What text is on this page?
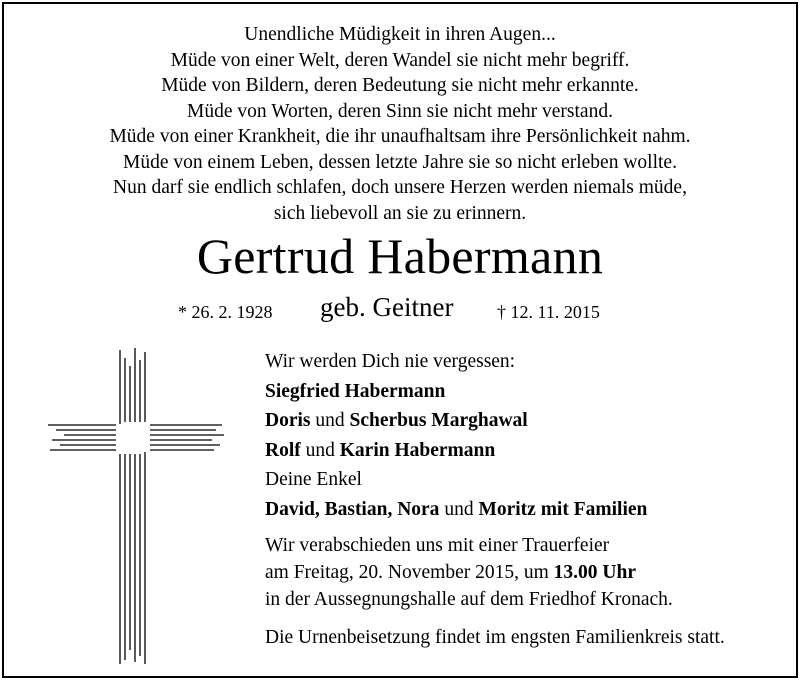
Unendliche Müdigkeit in ihren Augen...
Müde von einer Welt, deren Wandel sie nicht mehr begriff.
Müde von Bildern, deren Bedeutung sie nicht mehr erkannte.
Müde von Worten, deren Sinn sie nicht mehr verstand.
Müde von einer Krankheit, die ihr unaufhaltsam ihre Persönlichkeit nahm.
Müde von einem Leben, dessen letzte Jahre sie so nicht erleben wollte.
Nun darf sie endlich schlafen, doch unsere Herzen werden niemals müde,
sich liebevoll an sie zu erinnern.
Gertrud Habermann
* 26. 2. 1928 geb. Geitner † 12. 11. 2015
Wir werden Dich nie vergessen:
Siegfried Habermann
Doris und Scherbus Marghawal
Rolf und Karin Habermann
Deine Enkel
David, Bastian, Nora und Moritz mit Familien
Wir verabschieden uns mit einer Trauerfeier
am Freitag, 20. November 2015, um 13.00 Uhr
in der Aussegnungshalle auf dem Friedhof Kronach.
Die Urnenbeisetzung findet im engsten Familienkreis statt.
